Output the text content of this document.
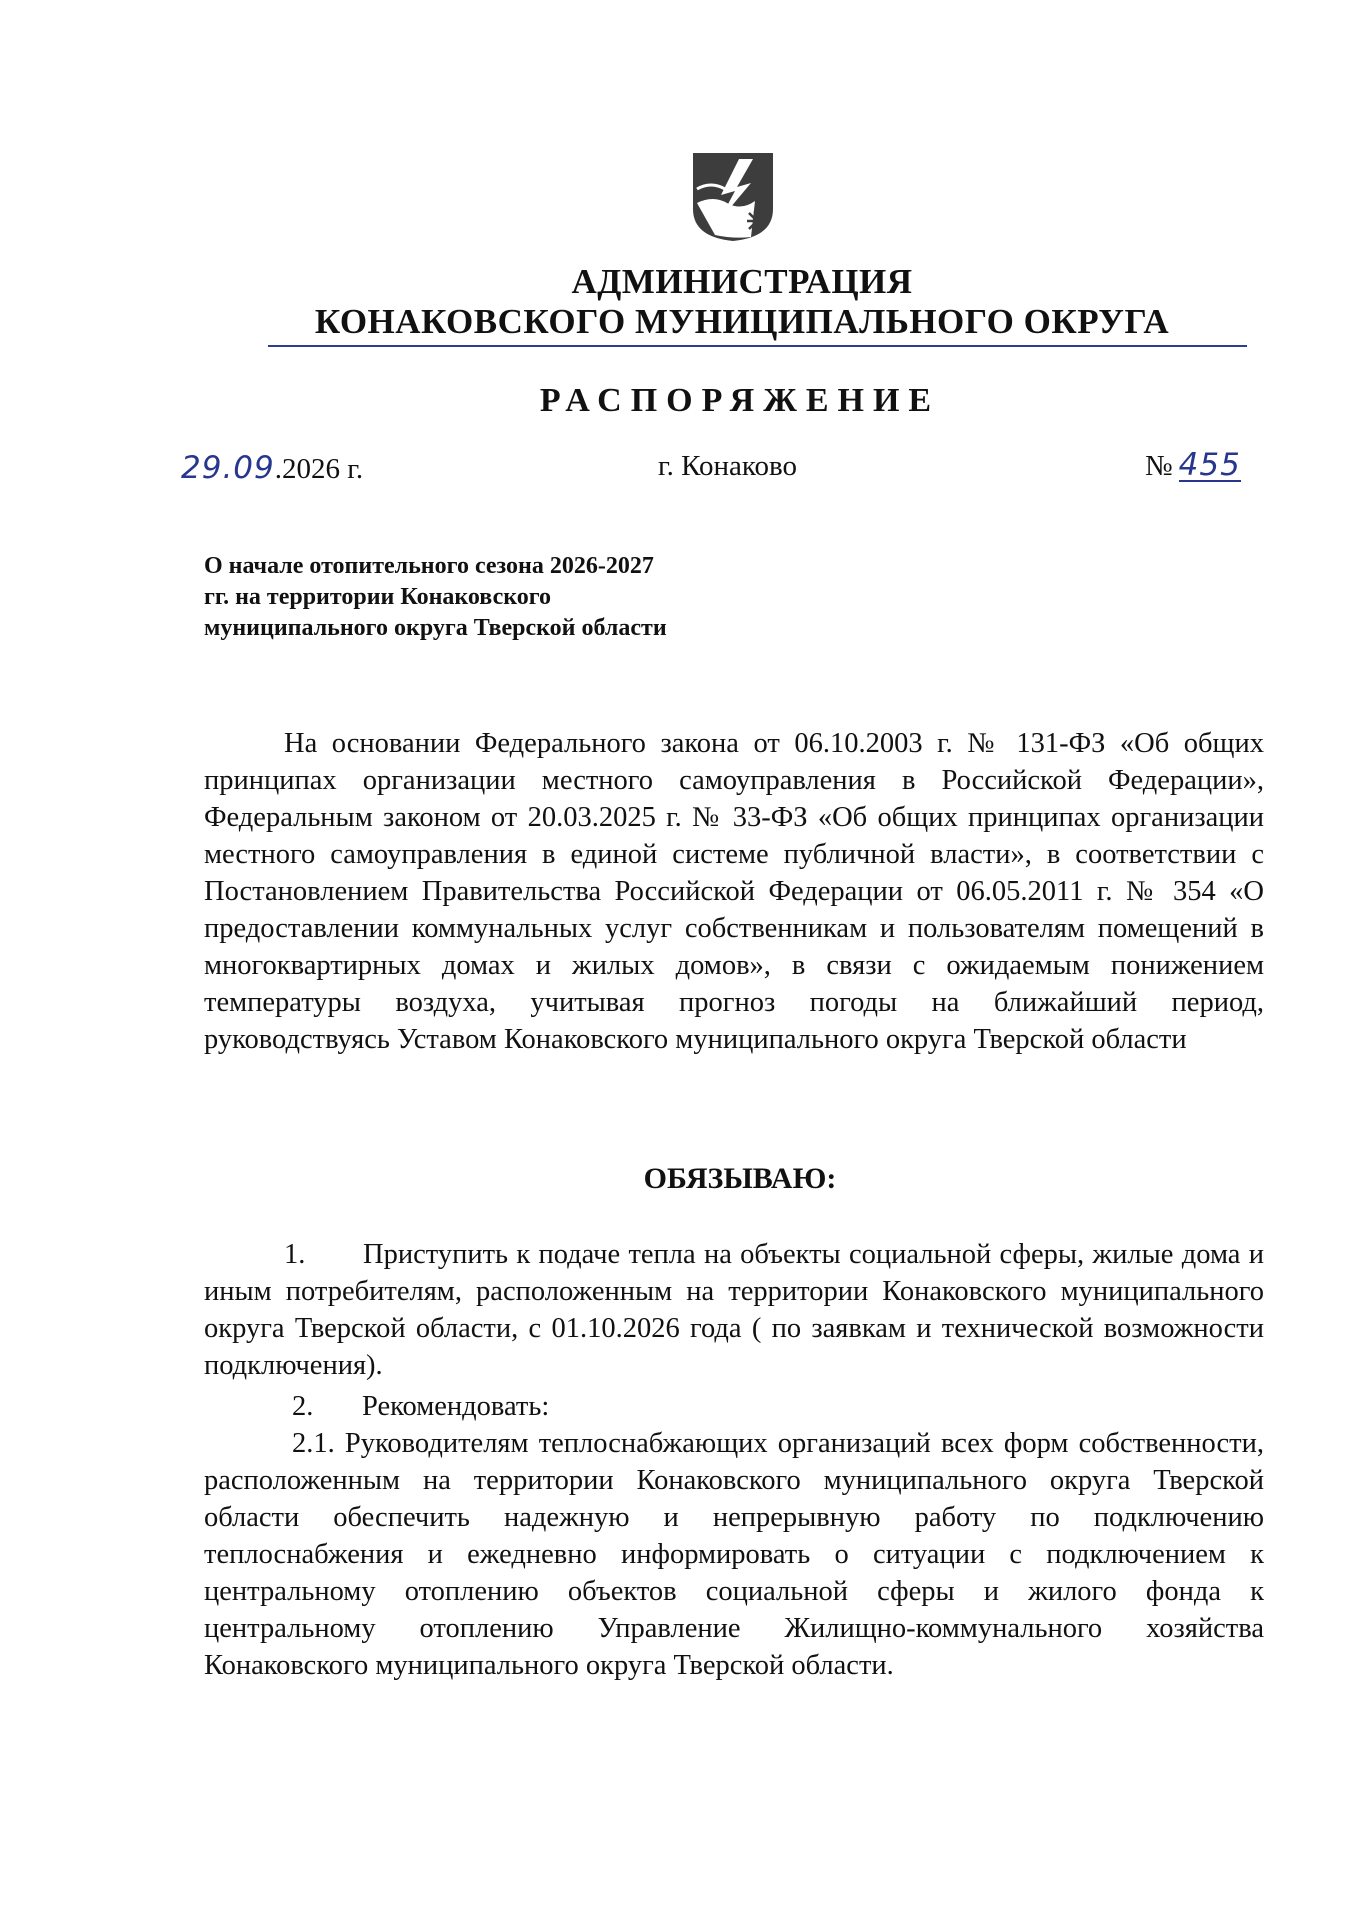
АДМИНИСТРАЦИЯ
КОНАКОВСКОГО МУНИЦИПАЛЬНОГО ОКРУГА
РАСПОРЯЖЕНИЕ
29.09.2026 г.	г. Конаково	№ 455
О начале отопительного сезона 2026-2027 гг. на территории Конаковского муниципального округа Тверской области
На основании Федерального закона от 06.10.2003 г. № 131-ФЗ «Об общих принципах организации местного самоуправления в Российской Федерации», Федеральным законом от 20.03.2025 г. № 33-ФЗ «Об общих принципах организации местного самоуправления в единой системе публичной власти», в соответствии с Постановлением Правительства Российской Федерации от 06.05.2011 г. № 354 «О предоставлении коммунальных услуг собственникам и пользователям помещений в многоквартирных домах и жилых домов», в связи с ожидаемым понижением температуры воздуха, учитывая прогноз погоды на ближайший период, руководствуясь Уставом Конаковского муниципального округа Тверской области
ОБЯЗЫВАЮ:
1. Приступить к подаче тепла на объекты социальной сферы, жилые дома и иным потребителям, расположенным на территории Конаковского муниципального округа Тверской области, с 01.10.2026 года ( по заявкам и технической возможности подключения).
2. Рекомендовать:
2.1. Руководителям теплоснабжающих организаций всех форм собственности, расположенным на территории Конаковского муниципального округа Тверской области обеспечить надежную и непрерывную работу по подключению теплоснабжения и ежедневно информировать о ситуации с подключением к центральному отоплению объектов социальной сферы и жилого фонда к центральному отоплению Управление Жилищно-коммунального хозяйства Конаковского муниципального округа Тверской области.
